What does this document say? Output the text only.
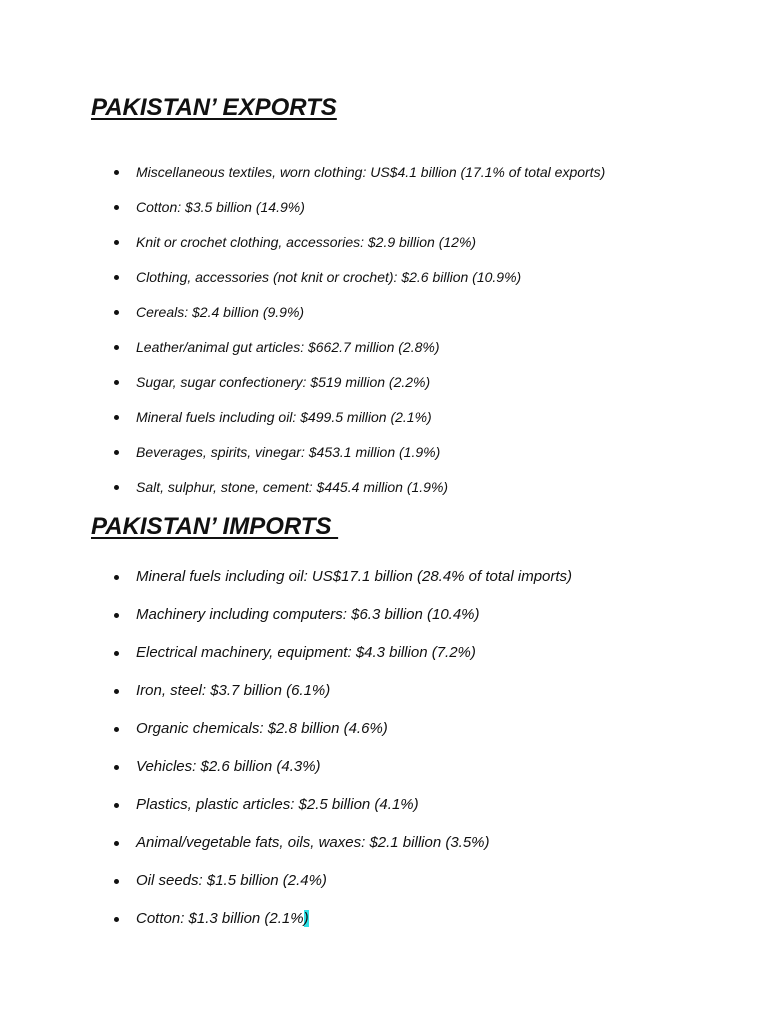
PAKISTAN’ EXPORTS
Miscellaneous textiles, worn clothing: US$4.1 billion (17.1% of total exports)
Cotton: $3.5 billion (14.9%)
Knit or crochet clothing, accessories: $2.9 billion (12%)
Clothing, accessories (not knit or crochet): $2.6 billion (10.9%)
Cereals: $2.4 billion (9.9%)
Leather/animal gut articles: $662.7 million (2.8%)
Sugar, sugar confectionery: $519 million (2.2%)
Mineral fuels including oil: $499.5 million (2.1%)
Beverages, spirits, vinegar: $453.1 million (1.9%)
Salt, sulphur, stone, cement: $445.4 million (1.9%)
PAKISTAN’ IMPORTS
Mineral fuels including oil: US$17.1 billion (28.4% of total imports)
Machinery including computers: $6.3 billion (10.4%)
Electrical machinery, equipment: $4.3 billion (7.2%)
Iron, steel: $3.7 billion (6.1%)
Organic chemicals: $2.8 billion (4.6%)
Vehicles: $2.6 billion (4.3%)
Plastics, plastic articles: $2.5 billion (4.1%)
Animal/vegetable fats, oils, waxes: $2.1 billion (3.5%)
Oil seeds: $1.5 billion (2.4%)
Cotton: $1.3 billion (2.1%)
